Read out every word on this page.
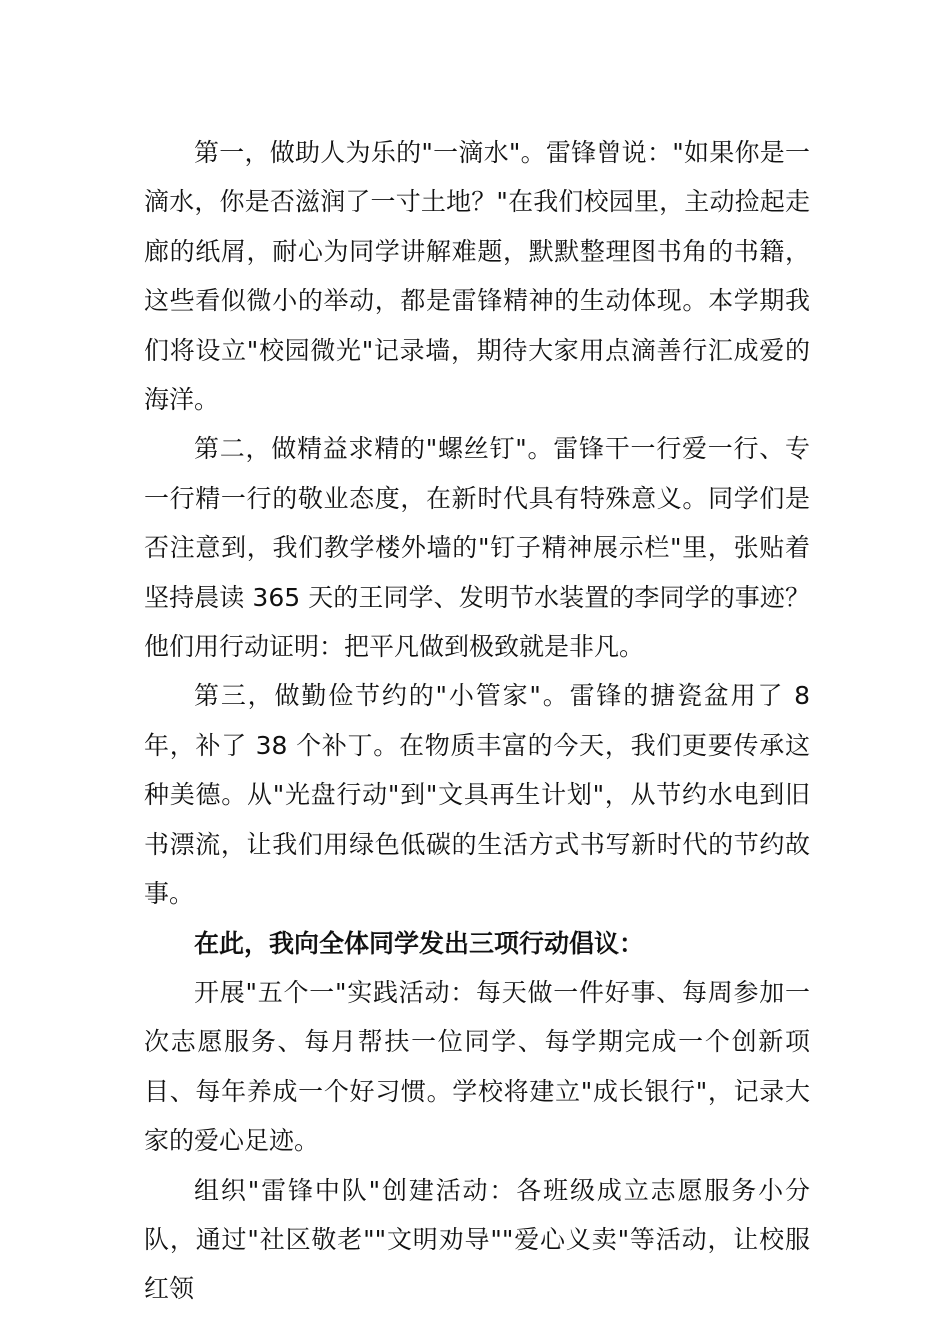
第一，做助人为乐的"一滴水"。雷锋曾说："如果你是一滴水，你是否滋润了一寸土地？"在我们校园里，主动捡起走廊的纸屑，耐心为同学讲解难题，默默整理图书角的书籍，这些看似微小的举动，都是雷锋精神的生动体现。本学期我们将设立"校园微光"记录墙，期待大家用点滴善行汇成爱的海洋。

第二，做精益求精的"螺丝钉"。雷锋干一行爱一行、专一行精一行的敬业态度，在新时代具有特殊意义。同学们是否注意到，我们教学楼外墙的"钉子精神展示栏"里，张贴着坚持晨读 365 天的王同学、发明节水装置的李同学的事迹？他们用行动证明：把平凡做到极致就是非凡。

第三，做勤俭节约的"小管家"。雷锋的搪瓷盆用了 8 年，补了 38 个补丁。在物质丰富的今天，我们更要传承这种美德。从"光盘行动"到"文具再生计划"，从节约水电到旧书漂流，让我们用绿色低碳的生活方式书写新时代的节约故事。

在此，我向全体同学发出三项行动倡议：

开展"五个一"实践活动：每天做一件好事、每周参加一次志愿服务、每月帮扶一位同学、每学期完成一个创新项目、每年养成一个好习惯。学校将建立"成长银行"，记录大家的爱心足迹。

组织"雷锋中队"创建活动：各班级成立志愿服务小分队，通过"社区敬老""文明劝导""爱心义卖"等活动，让校服红领
